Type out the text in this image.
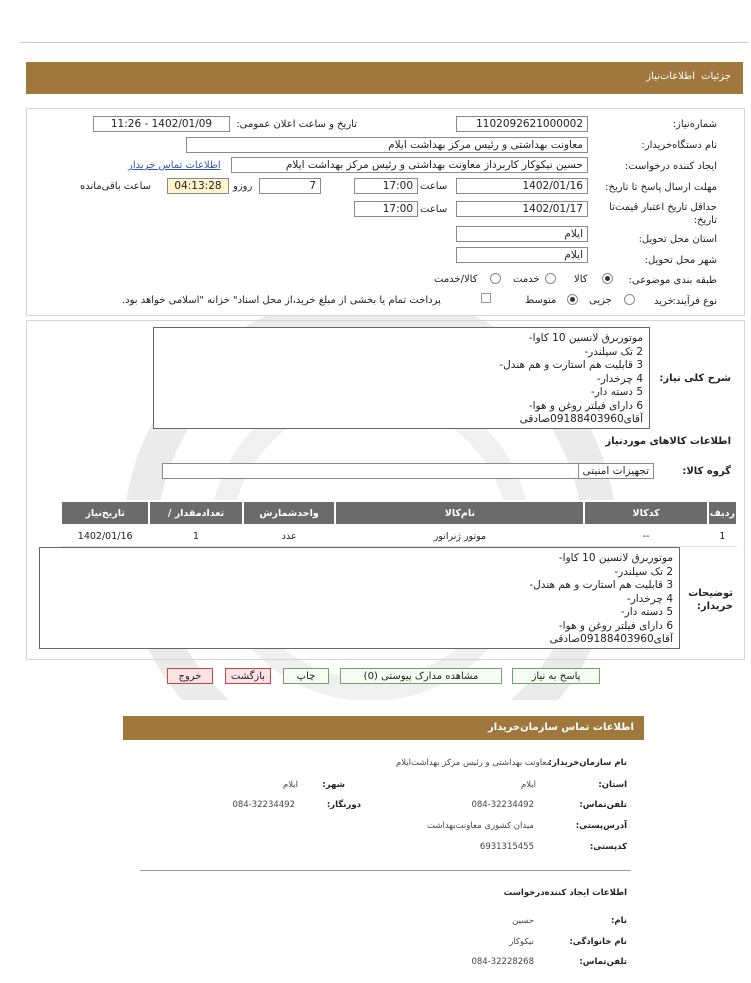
جزئیات
اطلاعات‌نیاز
شماره‌نیاز:
1102092621000002
تاریخ و ساعت اعلان عمومی:
1402/01/09 - 11:26
نام دستگاه‌خریدار:
معاونت بهداشتی و رئیس مرکز بهداشت ایلام
ایجاد کننده درخواست:
حسین نیکوکار کاربرداز معاونت بهداشتی و رئیس مرکز بهداشت ایلام
اطلاعات تماس خریدار
مهلت ارسال پاسخ تا تاریخ:
1402/01/16
ساعت
17:00
7
روزو
04:13:28
ساعت باقی‌مانده
حداقل تاریخ اعتبار قیمت‌تا تاریخ:
1402/01/17
ساعت
17:00
استان محل تحویل:
ایلام
شهر محل تحویل:
ایلام
طبقه بندی موضوعی:
کالا
خدمت
کالا/خدمت
نوع فرآیند:
خرید
جزیی
متوسط
پرداخت تمام یا بخشی از مبلغ خرید،از محل اسناد" خزانه "اسلامی خواهد بود.
شرح کلی نیاز:
موتوربرق لانسین 10 کاوا-
2 تک سیلندر-
3 قابلیت هم استارت و هم هندل-
4 چرخدار-
5 دسته دار-
6 دارای فیلتر روغن و هوا-
آقای09188403960صادقی
اطلاعات کالاهای موردنیاز
گروه کالا:
تجهیزات امنیتی
ردیف	کدکالا	نام‌کالا	واحدشمارش	تعدادمقدار /	تاریخ‌نیاز
1	--	موتور ژنراتور	عدد	1	1402/01/16
توضیحات خریدار:
موتوربرق لانسین 10 کاوا-
2 تک سیلندر-
3 قابلیت هم استارت و هم هندل-
4 چرخدار-
5 دسته دار-
6 دارای فیلتر روغن و هوا-
آقای09188403960صادقی
پاسخ به نیاز
مشاهده مدارک پیوستی (0)
چاپ
بازگشت
خروج
اطلاعات تماس سازمان‌خریدار
نام سازمان‌خریدار:
معاونت بهداشتی و رئیس مرکز بهداشت‌ایلام
استان:
ایلام
شهر:
ایلام
تلفن‌تماس:
084-32234492
دورنگار:
084-32234492
آدرس‌پستی:
میدان کشوری معاونت‌بهداشت
کدپستی:
6931315455
اطلاعات ایجاد کننده‌درخواست
نام:
حسین
نام خانوادگی:
نیکوکار
تلفن‌تماس:
084-32228268
